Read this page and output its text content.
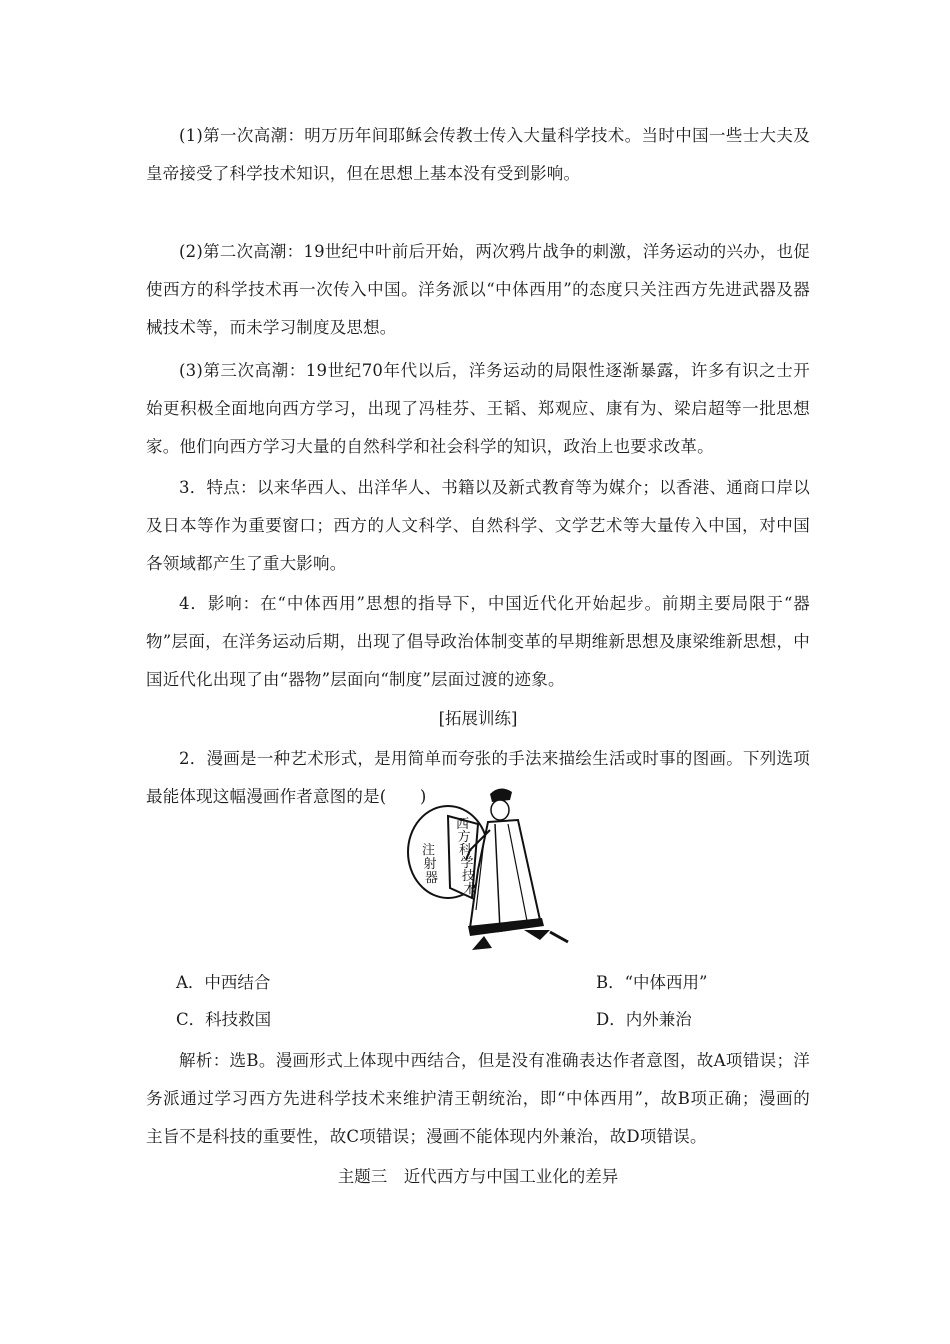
(1)第一次高潮：明万历年间耶稣会传教士传入大量科学技术。当时中国一些士大夫及皇帝接受了科学技术知识，但在思想上基本没有受到影响。

(2)第二次高潮：19世纪中叶前后开始，两次鸦片战争的刺激，洋务运动的兴办，也促使西方的科学技术再一次传入中国。洋务派以“中体西用”的态度只关注西方先进武器及器械技术等，而未学习制度及思想。

(3)第三次高潮：19世纪70年代以后，洋务运动的局限性逐渐暴露，许多有识之士开始更积极全面地向西方学习，出现了冯桂芬、王韬、郑观应、康有为、梁启超等一批思想家。他们向西方学习大量的自然科学和社会科学的知识，政治上也要求改革。

3．特点：以来华西人、出洋华人、书籍以及新式教育等为媒介；以香港、通商口岸以及日本等作为重要窗口；西方的人文科学、自然科学、文学艺术等大量传入中国，对中国各领域都产生了重大影响。

4．影响：在“中体西用”思想的指导下，中国近代化开始起步。前期主要局限于“器物”层面，在洋务运动后期，出现了倡导政治体制变革的早期维新思想及康梁维新思想，中国近代化出现了由“器物”层面向“制度”层面过渡的迹象。

[拓展训练]

2．漫画是一种艺术形式，是用简单而夸张的手法来描绘生活或时事的图画。下列选项最能体现这幅漫画作者意图的是(　　)

西方科学技术
注射器
A．中西结合	B．“中体西用”
C．科技救国	D．内外兼治

解析：选B。漫画形式上体现中西结合，但是没有准确表达作者意图，故A项错误；洋务派通过学习西方先进科学技术来维护清王朝统治，即“中体西用”，故B项正确；漫画的主旨不是科技的重要性，故C项错误；漫画不能体现内外兼治，故D项错误。

主题三　近代西方与中国工业化的差异
